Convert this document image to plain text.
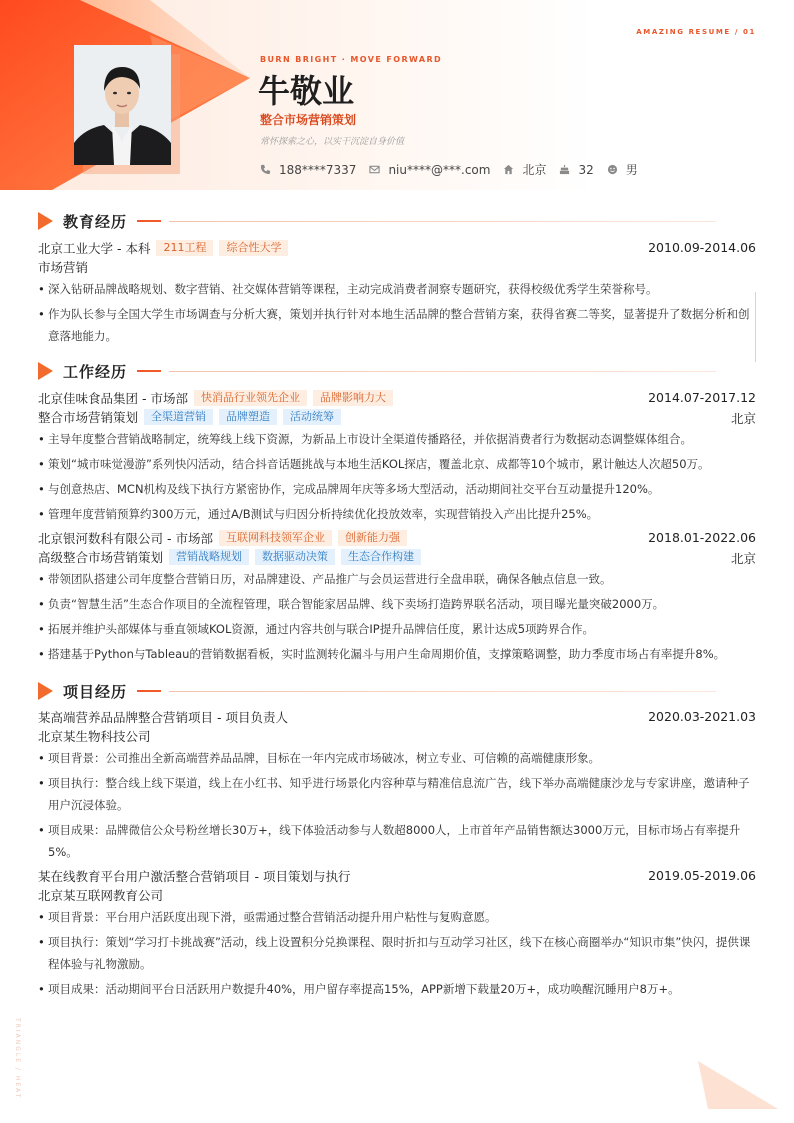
TRIANGLE / HEAT
AMAZING RESUME / 01
BURN BRIGHT · MOVE FORWARD
牛敬业
整合市场营销策划
常怀探索之心，以实干沉淀自身价值
188****7337	niu****@***.com	北京	32	男
教育经历
北京工业大学 - 本科	211工程	综合性大学	2010.09-2014.06
市场营销
• 深入钻研品牌战略规划、数字营销、社交媒体营销等课程，主动完成消费者洞察专题研究，获得校级优秀学生荣誉称号。
• 作为队长参与全国大学生市场调查与分析大赛，策划并执行针对本地生活品牌的整合营销方案，获得省赛二等奖，显著提升了数据分析和创意落地能力。
工作经历
北京佳味食品集团 - 市场部	快消品行业领先企业	品牌影响力大	2014.07-2017.12
整合市场营销策划	全渠道营销	品牌塑造	活动统筹	北京
• 主导年度整合营销战略制定，统筹线上线下资源，为新品上市设计全渠道传播路径，并依据消费者行为数据动态调整媒体组合。
• 策划“城市味觉漫游”系列快闪活动，结合抖音话题挑战与本地生活KOL探店，覆盖北京、成都等10个城市，累计触达人次超50万。
• 与创意热店、MCN机构及线下执行方紧密协作，完成品牌周年庆等多场大型活动，活动期间社交平台互动量提升120%。
• 管理年度营销预算约300万元，通过A/B测试与归因分析持续优化投放效率，实现营销投入产出比提升25%。
北京银河数科有限公司 - 市场部	互联网科技领军企业	创新能力强	2018.01-2022.06
高级整合市场营销策划	营销战略规划	数据驱动决策	生态合作构建	北京
• 带领团队搭建公司年度整合营销日历，对品牌建设、产品推广与会员运营进行全盘串联，确保各触点信息一致。
• 负责“智慧生活”生态合作项目的全流程管理，联合智能家居品牌、线下卖场打造跨界联名活动，项目曝光量突破2000万。
• 拓展并维护头部媒体与垂直领域KOL资源，通过内容共创与联合IP提升品牌信任度，累计达成5项跨界合作。
• 搭建基于Python与Tableau的营销数据看板，实时监测转化漏斗与用户生命周期价值，支撑策略调整，助力季度市场占有率提升8%。
项目经历
某高端营养品品牌整合营销项目 - 项目负责人	2020.03-2021.03
北京某生物科技公司
• 项目背景：公司推出全新高端营养品品牌，目标在一年内完成市场破冰，树立专业、可信赖的高端健康形象。
• 项目执行：整合线上线下渠道，线上在小红书、知乎进行场景化内容种草与精准信息流广告，线下举办高端健康沙龙与专家讲座，邀请种子用户沉浸体验。
• 项目成果：品牌微信公众号粉丝增长30万+，线下体验活动参与人数超8000人，上市首年产品销售额达3000万元，目标市场占有率提升5%。
某在线教育平台用户激活整合营销项目 - 项目策划与执行	2019.05-2019.06
北京某互联网教育公司
• 项目背景：平台用户活跃度出现下滑，亟需通过整合营销活动提升用户粘性与复购意愿。
• 项目执行：策划“学习打卡挑战赛”活动，线上设置积分兑换课程、限时折扣与互动学习社区，线下在核心商圈举办“知识市集”快闪，提供课程体验与礼物激励。
• 项目成果：活动期间平台日活跃用户数提升40%，用户留存率提高15%，APP新增下载量20万+，成功唤醒沉睡用户8万+。
